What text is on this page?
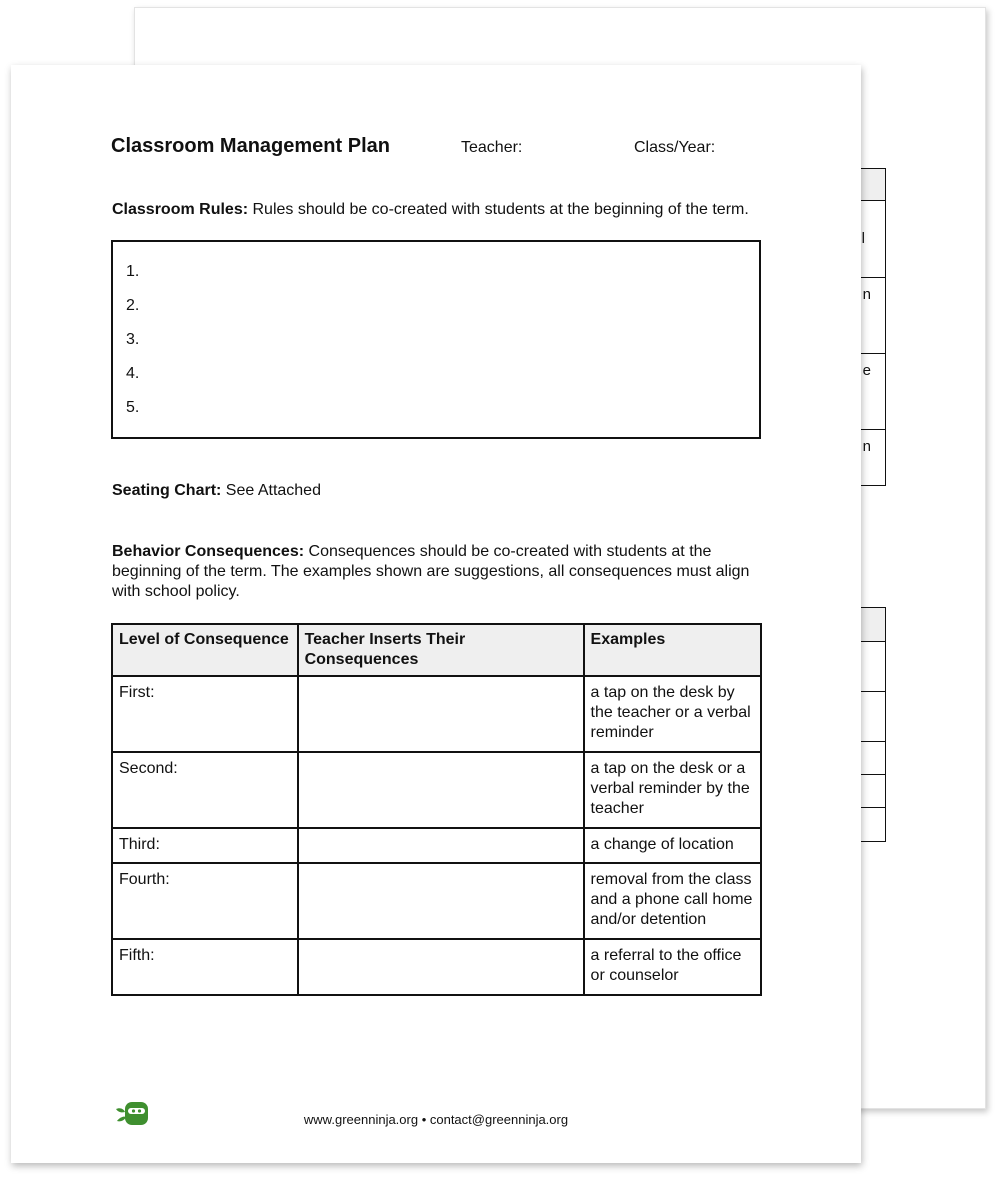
l
n
e
n
Classroom Management Plan	Teacher:	Class/Year:
Classroom Rules: Rules should be co-created with students at the beginning of the term.
1.
2.
3.
4.
5.
Seating Chart: See Attached
Behavior Consequences: Consequences should be co-created with students at the beginning of the term. The examples shown are suggestions, all consequences must align with school policy.
Level of Consequence	Teacher Inserts Their Consequences	Examples
First:		a tap on the desk by the teacher or a verbal reminder
Second:		a tap on the desk or a verbal reminder by the teacher
Third:		a change of location
Fourth:		removal from the class and a phone call home and/or detention
Fifth:		a referral to the office or counselor
www.greenninja.org • contact@greenninja.org
